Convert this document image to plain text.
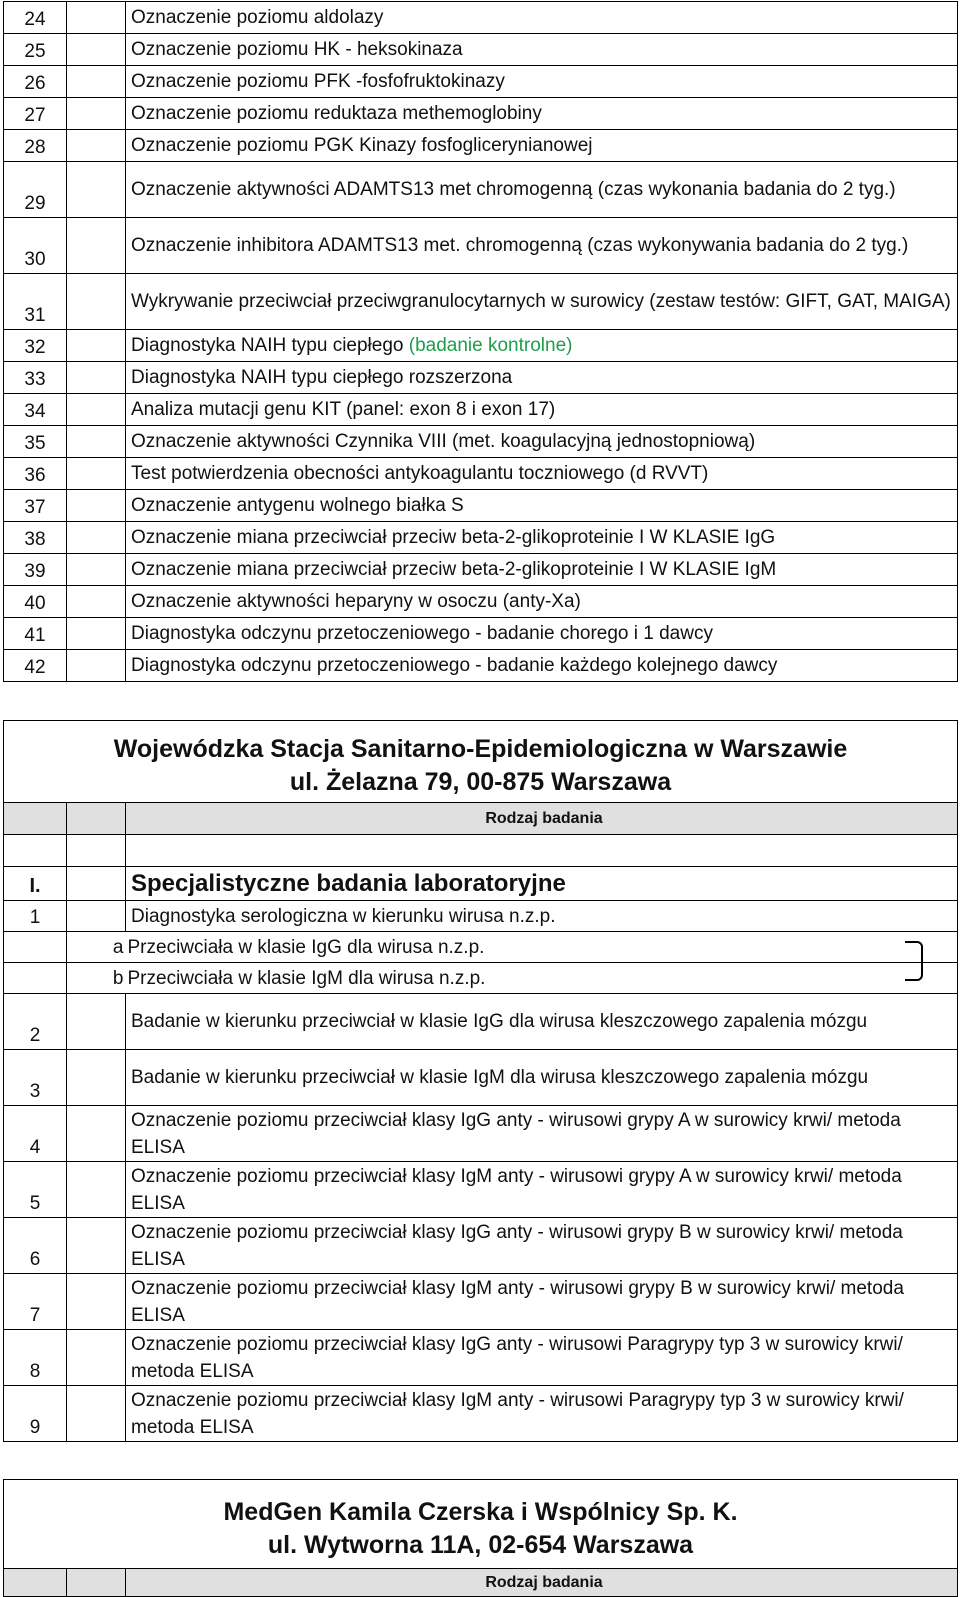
24		Oznaczenie poziomu aldolazy
25		Oznaczenie poziomu HK - heksokinaza
26		Oznaczenie poziomu PFK -fosfofruktokinazy
27		Oznaczenie poziomu reduktaza methemoglobiny
28		Oznaczenie poziomu PGK Kinazy fosfoglicerynianowej
29		Oznaczenie aktywności ADAMTS13 met chromogenną (czas wykonania badania do 2 tyg.)
30		Oznaczenie inhibitora ADAMTS13 met. chromogenną (czas wykonywania badania do 2 tyg.)
31		Wykrywanie przeciwciał przeciwgranulocytarnych w surowicy (zestaw testów: GIFT, GAT, MAIGA)
32		Diagnostyka NAIH typu ciepłego (badanie kontrolne)
33		Diagnostyka NAIH typu ciepłego rozszerzona
34		Analiza mutacji genu KIT (panel: exon 8 i exon 17)
35		Oznaczenie aktywności Czynnika VIII (met. koagulacyjną jednostopniową)
36		Test potwierdzenia obecności antykoagulantu toczniowego (d RVVT)
37		Oznaczenie antygenu wolnego białka S
38		Oznaczenie miana przeciwciał przeciw beta-2-glikoproteinie I W KLASIE IgG
39		Oznaczenie miana przeciwciał przeciw beta-2-glikoproteinie I W KLASIE IgM
40		Oznaczenie aktywności heparyny w osoczu (anty-Xa)
41		Diagnostyka odczynu przetoczeniowego - badanie chorego i 1 dawcy
42		Diagnostyka odczynu przetoczeniowego - badanie każdego kolejnego dawcy
Wojewódzka Stacja Sanitarno-Epidemiologiczna w Warszawie
ul. Żelazna 79, 00-875 Warszawa
		Rodzaj badania

I.		Specjalistyczne badania laboratoryjne
1		Diagnostyka serologiczna w kierunku wirusa n.z.p.
	a	Przeciwciała w klasie IgG dla wirusa n.z.p.
	b	Przeciwciała w klasie IgM dla wirusa n.z.p.
2		Badanie w kierunku przeciwciał w klasie IgG dla wirusa kleszczowego zapalenia mózgu
3		Badanie w kierunku przeciwciał w klasie IgM dla wirusa kleszczowego zapalenia mózgu
4		Oznaczenie poziomu przeciwciał klasy IgG anty - wirusowi grypy A w surowicy krwi/ metoda ELISA
5		Oznaczenie poziomu przeciwciał klasy IgM anty - wirusowi grypy A w surowicy krwi/ metoda ELISA
6		Oznaczenie poziomu przeciwciał klasy IgG anty - wirusowi grypy B w surowicy krwi/ metoda ELISA
7		Oznaczenie poziomu przeciwciał klasy IgM anty - wirusowi grypy B w surowicy krwi/ metoda ELISA
8		Oznaczenie poziomu przeciwciał klasy IgG anty - wirusowi Paragrypy typ 3 w surowicy krwi/ metoda ELISA
9		Oznaczenie poziomu przeciwciał klasy IgM anty - wirusowi Paragrypy typ 3 w surowicy krwi/ metoda ELISA
MedGen Kamila Czerska i Wspólnicy Sp. K.
ul. Wytworna 11A, 02-654 Warszawa
		Rodzaj badania
